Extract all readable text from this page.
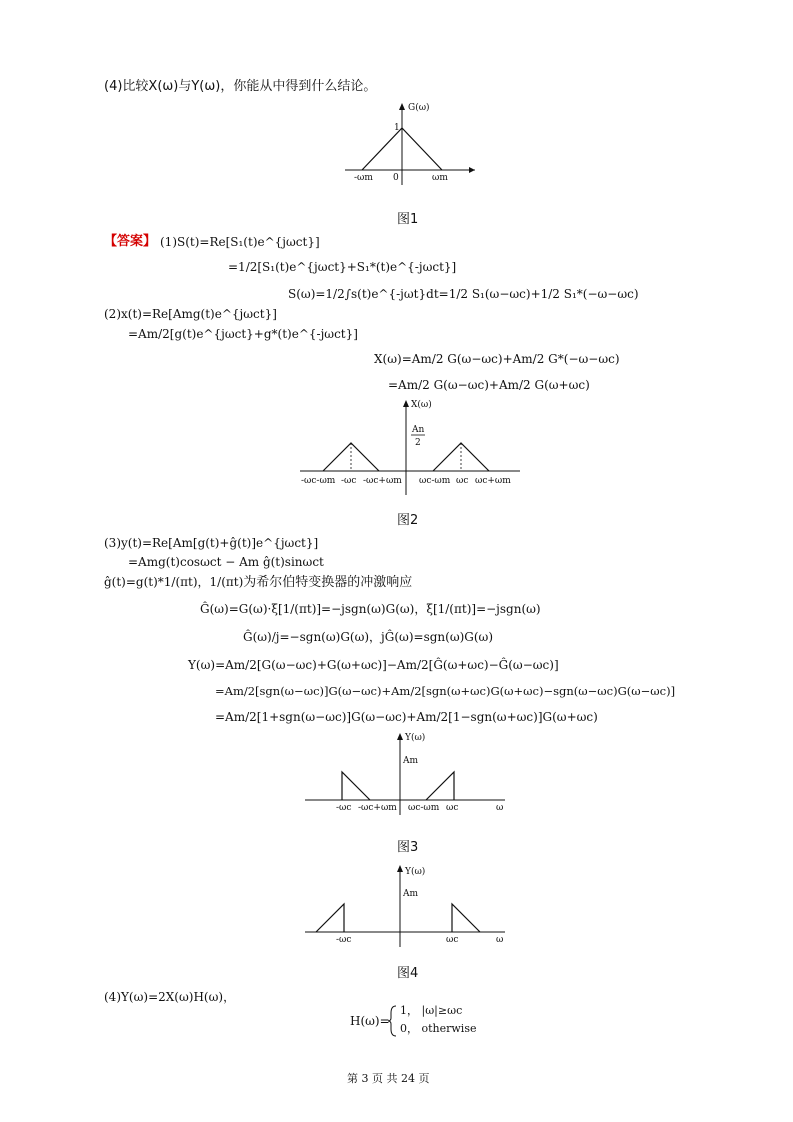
(4)比较X(ω)与Y(ω)，你能从中得到什么结论。
G(ω)
1
-ωm 0	ωm
图1
【答案】 (1)S(t)=Re[S₁(t)e^{jωct}]
=1/2[S₁(t)e^{jωct}+S₁*(t)e^{-jωct}]
S(ω)=1/2∫s(t)e^{-jωt}dt=1/2 S₁(ω−ωc)+1/2 S₁*(−ω−ωc)
(2)x(t)=Re[Amg(t)e^{jωct}]
=Am/2[g(t)e^{jωct}+g*(t)e^{-jωct}]
X(ω)=Am/2 G(ω−ωc)+Am/2 G*(−ω−ωc)
=Am/2 G(ω−ωc)+Am/2 G(ω+ωc)
X(ω)
An
2
-ωc-ωm -ωc -ωc+ωm ωc-ωm ωc ωc+ωm
图2
(3)y(t)=Re[Am[g(t)+ĝ(t)]e^{jωct}]
=Amg(t)cosωct − Am ĝ(t)sinωct
ĝ(t)=g(t)*1/(πt)，1/(πt)为希尔伯特变换器的冲激响应
Ĝ(ω)=G(ω)·ξ[1/(πt)]=−jsgn(ω)G(ω)，ξ[1/(πt)]=−jsgn(ω)
Ĝ(ω)/j=−sgn(ω)G(ω)，jĜ(ω)=sgn(ω)G(ω)
Y(ω)=Am/2[G(ω−ωc)+G(ω+ωc)]−Am/2[Ĝ(ω+ωc)−Ĝ(ω−ωc)]
=Am/2[sgn(ω−ωc)]G(ω−ωc)+Am/2[sgn(ω+ωc)G(ω+ωc)−sgn(ω−ωc)G(ω−ωc)]
=Am/2[1+sgn(ω−ωc)]G(ω−ωc)+Am/2[1−sgn(ω+ωc)]G(ω+ωc)
Y(ω)
Am
-ωc -ωc+ωm ωc-ωm ωc	ω
图3
Y(ω)
Am
-ωc	ωc	ω
图4
(4)Y(ω)=2X(ω)H(ω)，
H(ω)=
1， |ω|≥ωc
0， otherwise
第 3 页 共 24 页
